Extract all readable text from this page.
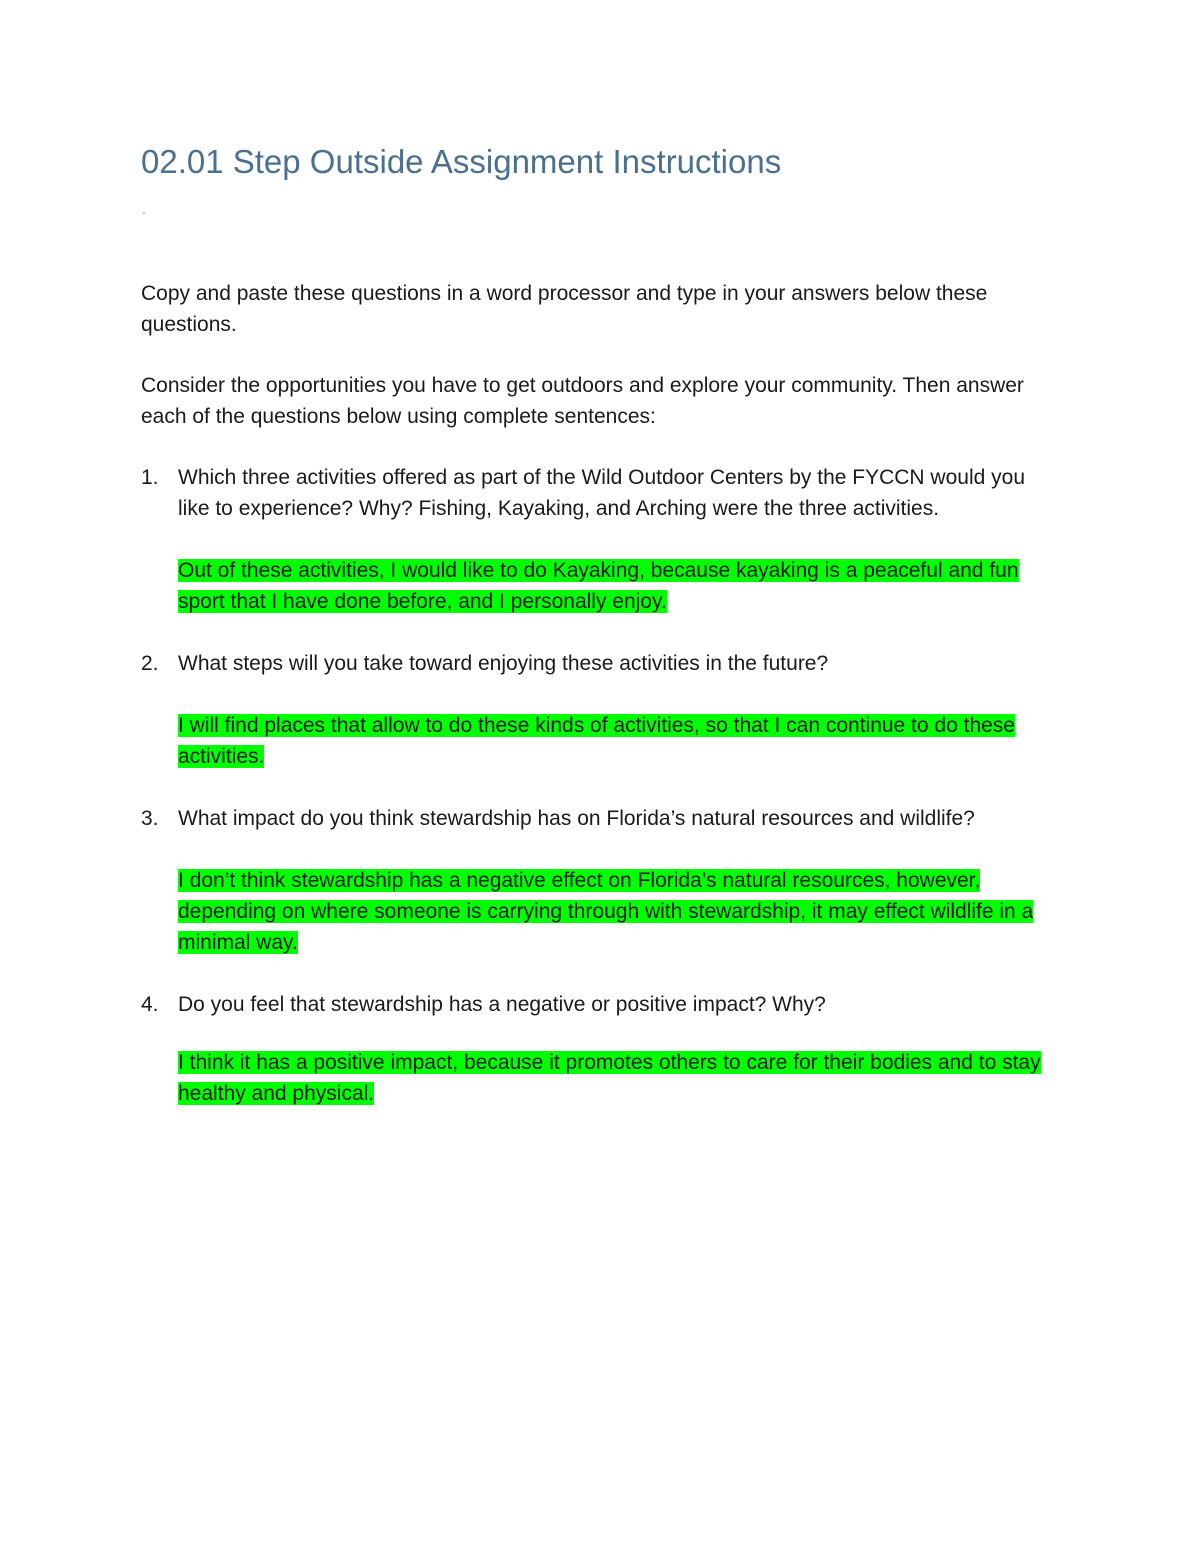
02.01 Step Outside Assignment Instructions
'

Copy and paste these questions in a word processor and type in your answers below these questions.

Consider the opportunities you have to get outdoors and explore your community. Then answer each of the questions below using complete sentences:

1. Which three activities offered as part of the Wild Outdoor Centers by the FYCCN would you like to experience? Why? Fishing, Kayaking, and Arching were the three activities.
Out of these activities, I would like to do Kayaking, because kayaking is a peaceful and fun sport that I have done before, and I personally enjoy.
2. What steps will you take toward enjoying these activities in the future?
I will find places that allow to do these kinds of activities, so that I can continue to do these activities.
3. What impact do you think stewardship has on Florida’s natural resources and wildlife?
I don’t think stewardship has a negative effect on Florida’s natural resources, however, depending on where someone is carrying through with stewardship, it may effect wildlife in a minimal way.
4. Do you feel that stewardship has a negative or positive impact? Why?
I think it has a positive impact, because it promotes others to care for their bodies and to stay healthy and physical.
